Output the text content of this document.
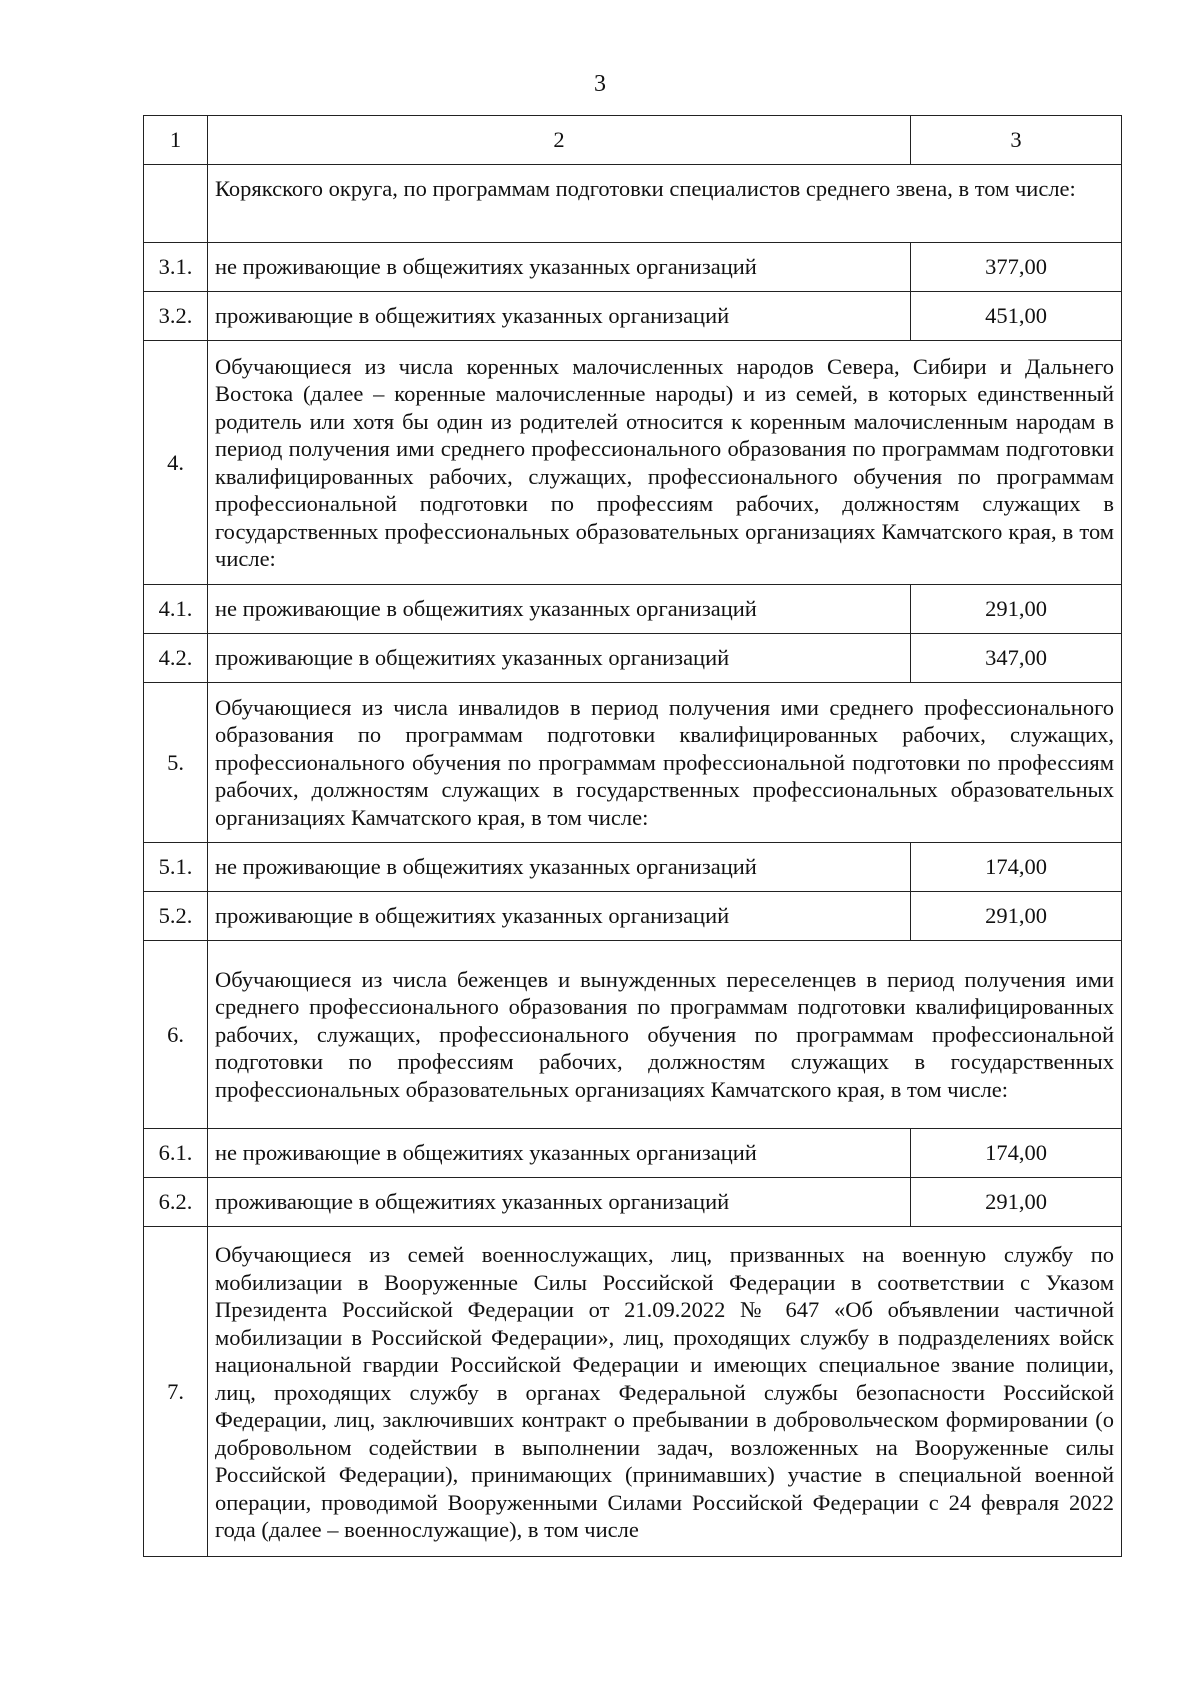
3
1	2	3
	Корякского округа, по программам подготовки специалистов среднего звена, в том числе:	
3.1.	не проживающие в общежитиях указанных организаций	377,00
3.2.	проживающие в общежитиях указанных организаций	451,00
4.	Обучающиеся из числа коренных малочисленных народов Севера, Сибири и Дальнего Востока (далее – коренные малочисленные народы) и из семей, в которых единственный родитель или хотя бы один из родителей относится к коренным малочисленным народам в период получения ими среднего профессионального образования по программам подготовки квалифицированных рабочих, служащих, профессионального обучения по программам профессиональной подготовки по профессиям рабочих, должностям служащих в государственных профессиональных образовательных организациях Камчатского края, в том числе:	
4.1.	не проживающие в общежитиях указанных организаций	291,00
4.2.	проживающие в общежитиях указанных организаций	347,00
5.	Обучающиеся из числа инвалидов в период получения ими среднего профессионального образования по программам подготовки квалифицированных рабочих, служащих, профессионального обучения по программам профессиональной подготовки по профессиям рабочих, должностям служащих в государственных профессиональных образовательных организациях Камчатского края, в том числе:	
5.1.	не проживающие в общежитиях указанных организаций	174,00
5.2.	проживающие в общежитиях указанных организаций	291,00
6.	Обучающиеся из числа беженцев и вынужденных переселенцев в период получения ими среднего профессионального образования по программам подготовки квалифицированных рабочих, служащих, профессионального обучения по программам профессиональной подготовки по профессиям рабочих, должностям служащих в государственных профессиональных образовательных организациях Камчатского края, в том числе:	
6.1.	не проживающие в общежитиях указанных организаций	174,00
6.2.	проживающие в общежитиях указанных организаций	291,00
7.	Обучающиеся из семей военнослужащих, лиц, призванных на военную службу по мобилизации в Вооруженные Силы Российской Федерации в соответствии с Указом Президента Российской Федерации от 21.09.2022 № 647 «Об объявлении частичной мобилизации в Российской Федерации», лиц, проходящих службу в подразделениях войск национальной гвардии Российской Федерации и имеющих специальное звание полиции, лиц, проходящих службу в органах Федеральной службы безопасности Российской Федерации, лиц, заключивших контракт о пребывании в добровольческом формировании (о добровольном содействии в выполнении задач, возложенных на Вооруженные силы Российской Федерации), принимающих (принимавших) участие в специальной военной операции, проводимой Вооруженными Силами Российской Федерации с 24 февраля 2022 года (далее – военнослужащие), в том числе	
